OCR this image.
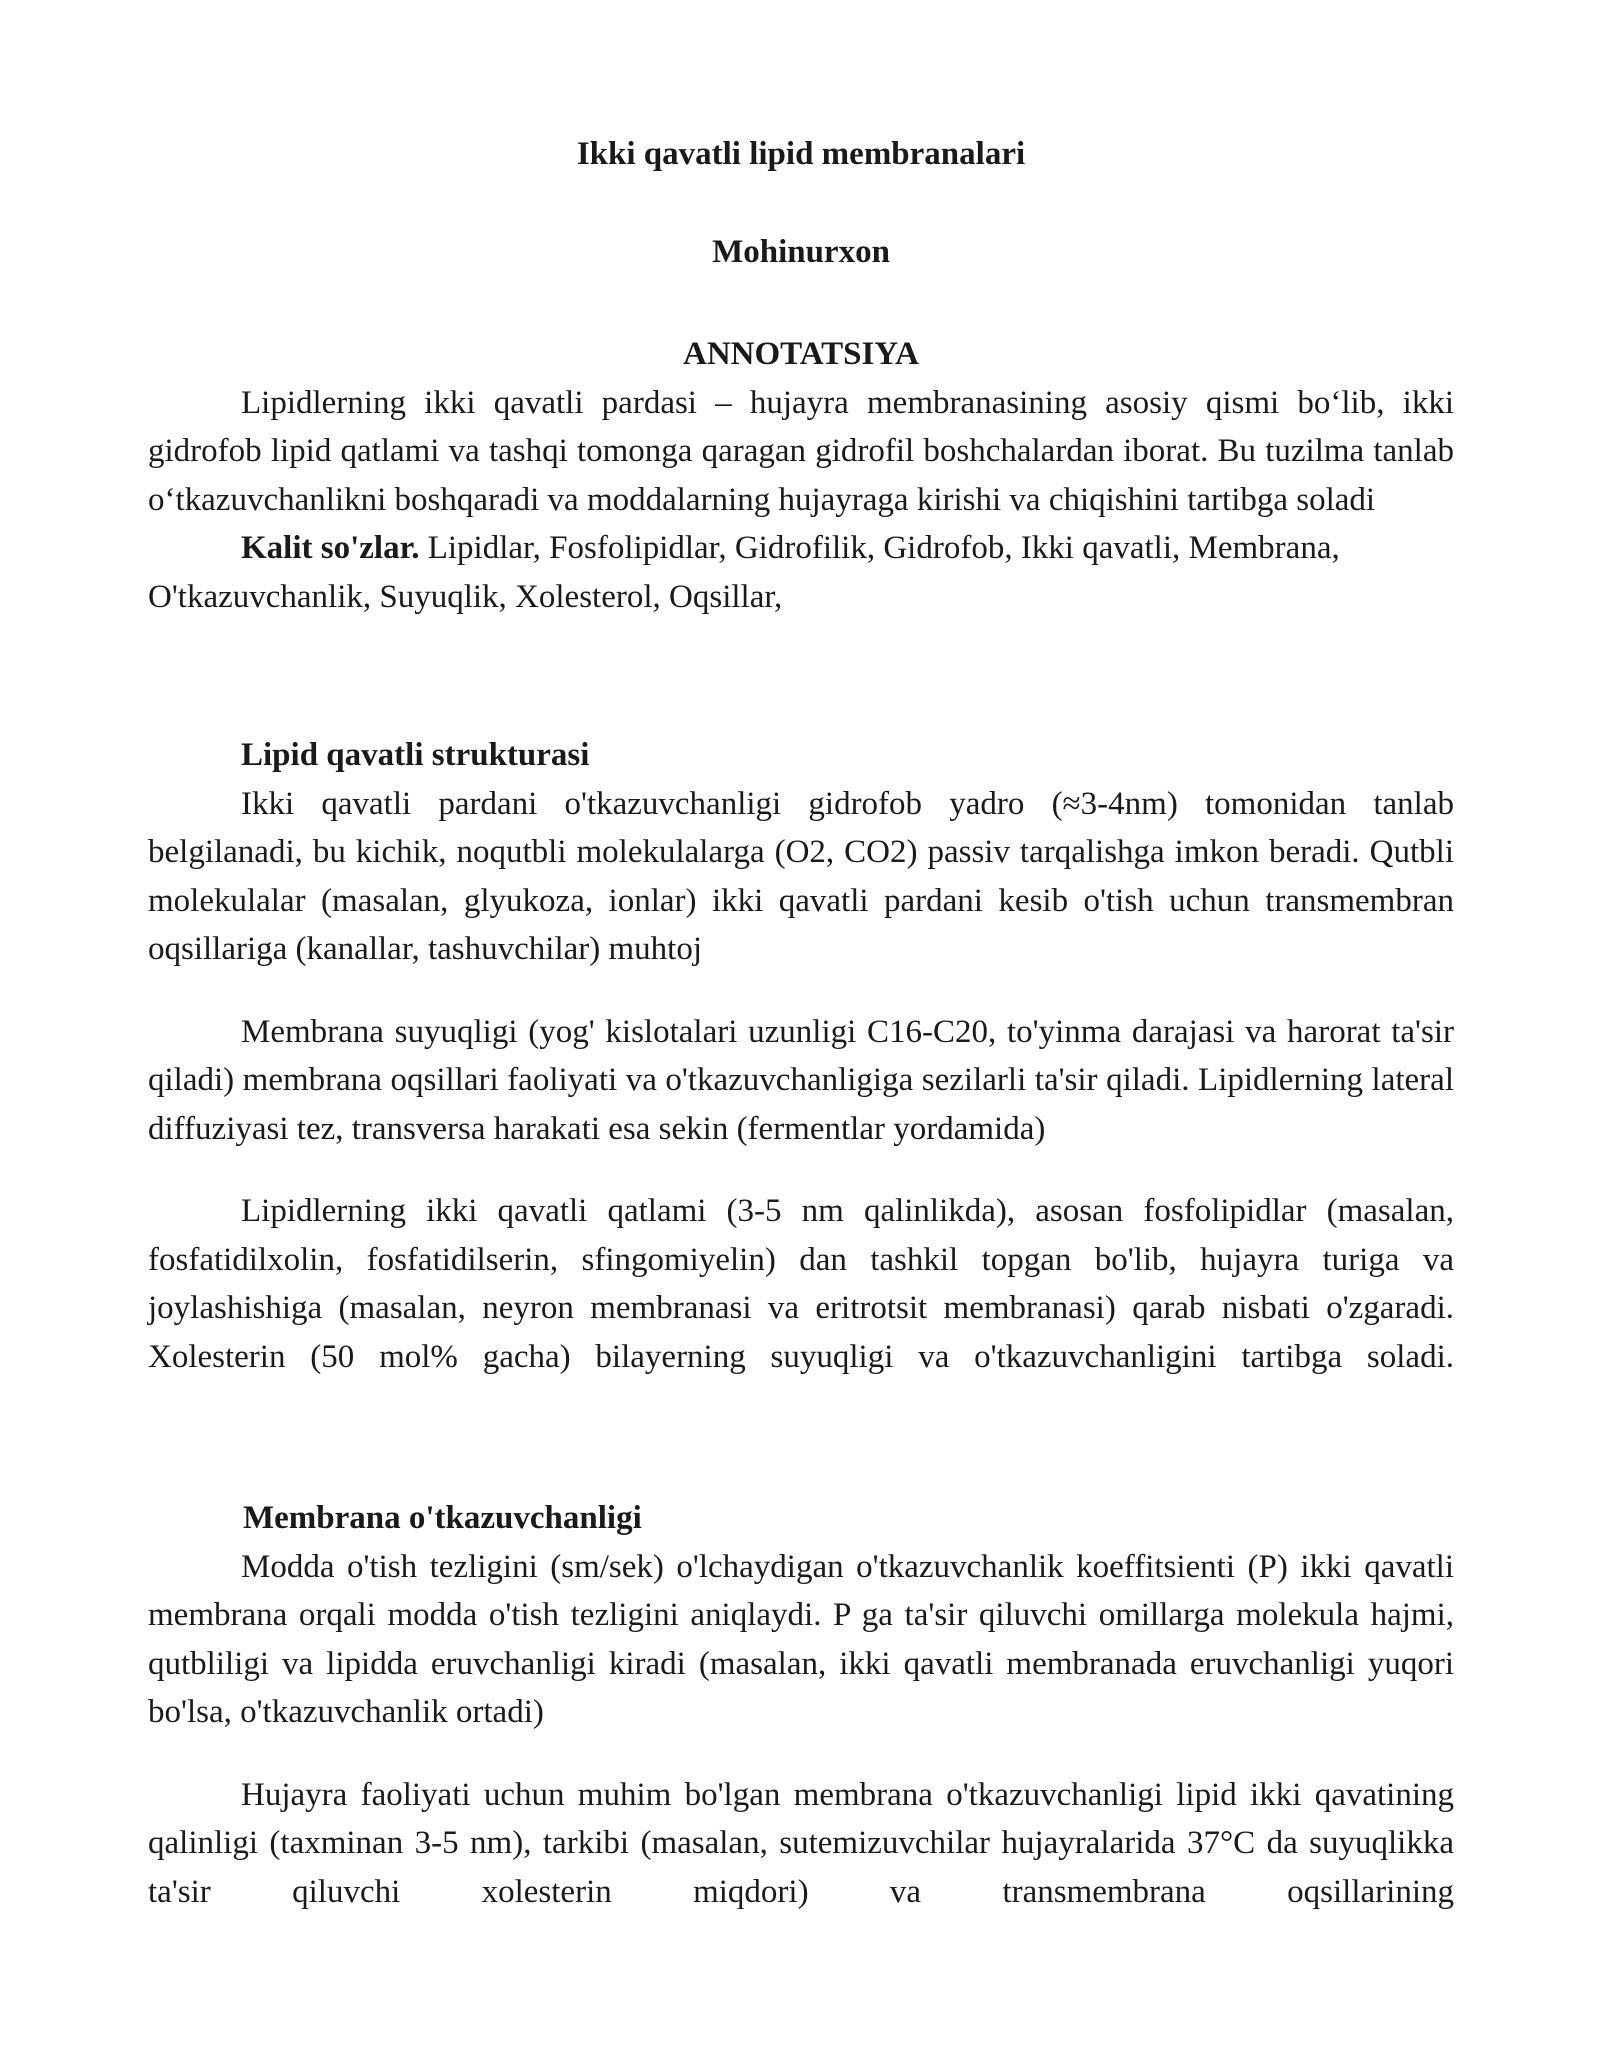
Ikki qavatli lipid membranalari
Mohinurxon
ANNOTATSIYA

Lipidlerning ikki qavatli pardasi – hujayra membranasining asosiy qismi bo‘lib, ikki gidrofob lipid qatlami va tashqi tomonga qaragan gidrofil boshchalardan iborat. Bu tuzilma tanlab o‘tkazuvchanlikni boshqaradi va moddalarning hujayraga kirishi va chiqishini tartibga soladi

Kalit so'zlar. Lipidlar, Fosfolipidlar, Gidrofilik, Gidrofob, Ikki qavatli, Membrana, O'tkazuvchanlik, Suyuqlik, Xolesterol, Oqsillar,

Lipid qavatli strukturasi

Ikki qavatli pardani o'tkazuvchanligi gidrofob yadro (≈3-4nm) tomonidan tanlab belgilanadi, bu kichik, noqutbli molekulalarga (O2, CO2) passiv tarqalishga imkon beradi. Qutbli molekulalar (masalan, glyukoza, ionlar) ikki qavatli pardani kesib o'tish uchun transmembran oqsillariga (kanallar, tashuvchilar) muhtoj

Membrana suyuqligi (yog' kislotalari uzunligi C16-C20, to'yinma darajasi va harorat ta'sir qiladi) membrana oqsillari faoliyati va o'tkazuvchanligiga sezilarli ta'sir qiladi. Lipidlerning lateral diffuziyasi tez, transversa harakati esa sekin (fermentlar yordamida)

Lipidlerning ikki qavatli qatlami (3-5 nm qalinlikda), asosan fosfolipidlar (masalan, fosfatidilxolin, fosfatidilserin, sfingomiyelin) dan tashkil topgan bo'lib, hujayra turiga va joylashishiga (masalan, neyron membranasi va eritrotsit membranasi) qarab nisbati o'zgaradi. Xolesterin (50 mol% gacha) bilayerning suyuqligi va o'tkazuvchanligini tartibga soladi.

Membrana o'tkazuvchanligi

Modda o'tish tezligini (sm/sek) o'lchaydigan o'tkazuvchanlik koeffitsienti (P) ikki qavatli membrana orqali modda o'tish tezligini aniqlaydi. P ga ta'sir qiluvchi omillarga molekula hajmi, qutbliligi va lipidda eruvchanligi kiradi (masalan, ikki qavatli membranada eruvchanligi yuqori bo'lsa, o'tkazuvchanlik ortadi)

Hujayra faoliyati uchun muhim bo'lgan membrana o'tkazuvchanligi lipid ikki qavatining qalinligi (taxminan 3-5 nm), tarkibi (masalan, sutemizuvchilar hujayralarida 37°C da suyuqlikka ta'sir qiluvchi xolesterin miqdori) va transmembrana oqsillarining
